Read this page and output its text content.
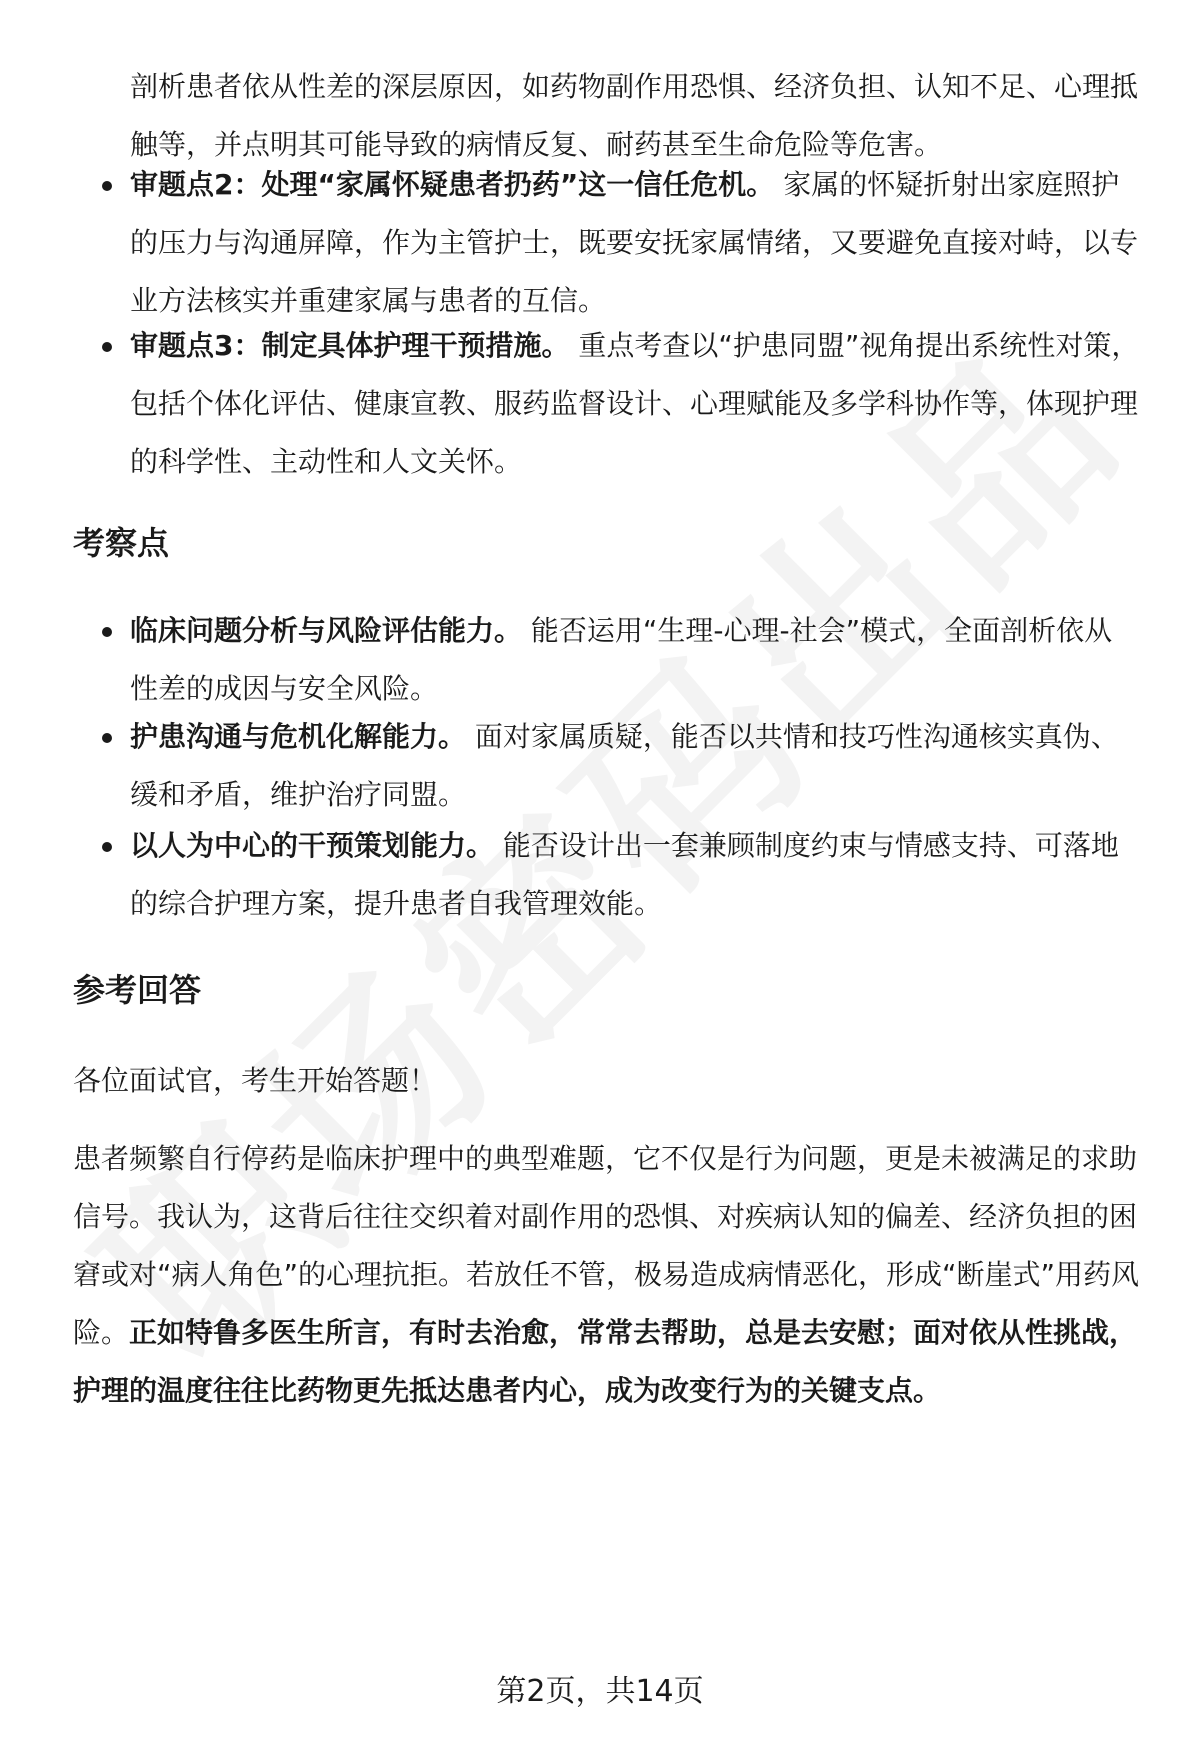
剖析患者依从性差的深层原因，如药物副作用恐惧、经济负担、认知不足、心理抵触等，并点明其可能导致的病情反复、耐药甚至生命危险等危害。
审题点2：处理“家属怀疑患者扔药”这一信任危机。 家属的怀疑折射出家庭照护的压力与沟通屏障，作为主管护士，既要安抚家属情绪，又要避免直接对峙，以专业方法核实并重建家属与患者的互信。
审题点3：制定具体护理干预措施。 重点考查以“护患同盟”视角提出系统性对策，包括个体化评估、健康宣教、服药监督设计、心理赋能及多学科协作等，体现护理的科学性、主动性和人文关怀。
考察点
临床问题分析与风险评估能力。 能否运用“生理-心理-社会”模式，全面剖析依从性差的成因与安全风险。
护患沟通与危机化解能力。 面对家属质疑，能否以共情和技巧性沟通核实真伪、缓和矛盾，维护治疗同盟。
以人为中心的干预策划能力。 能否设计出一套兼顾制度约束与情感支持、可落地的综合护理方案，提升患者自我管理效能。
参考回答
各位面试官，考生开始答题！
患者频繁自行停药是临床护理中的典型难题，它不仅是行为问题，更是未被满足的求助信号。我认为，这背后往往交织着对副作用的恐惧、对疾病认知的偏差、经济负担的困窘或对“病人角色”的心理抗拒。若放任不管，极易造成病情恶化，形成“断崖式”用药风险。正如特鲁多医生所言，有时去治愈，常常去帮助，总是去安慰；面对依从性挑战，护理的温度往往比药物更先抵达患者内心，成为改变行为的关键支点。
第2页，共14页
